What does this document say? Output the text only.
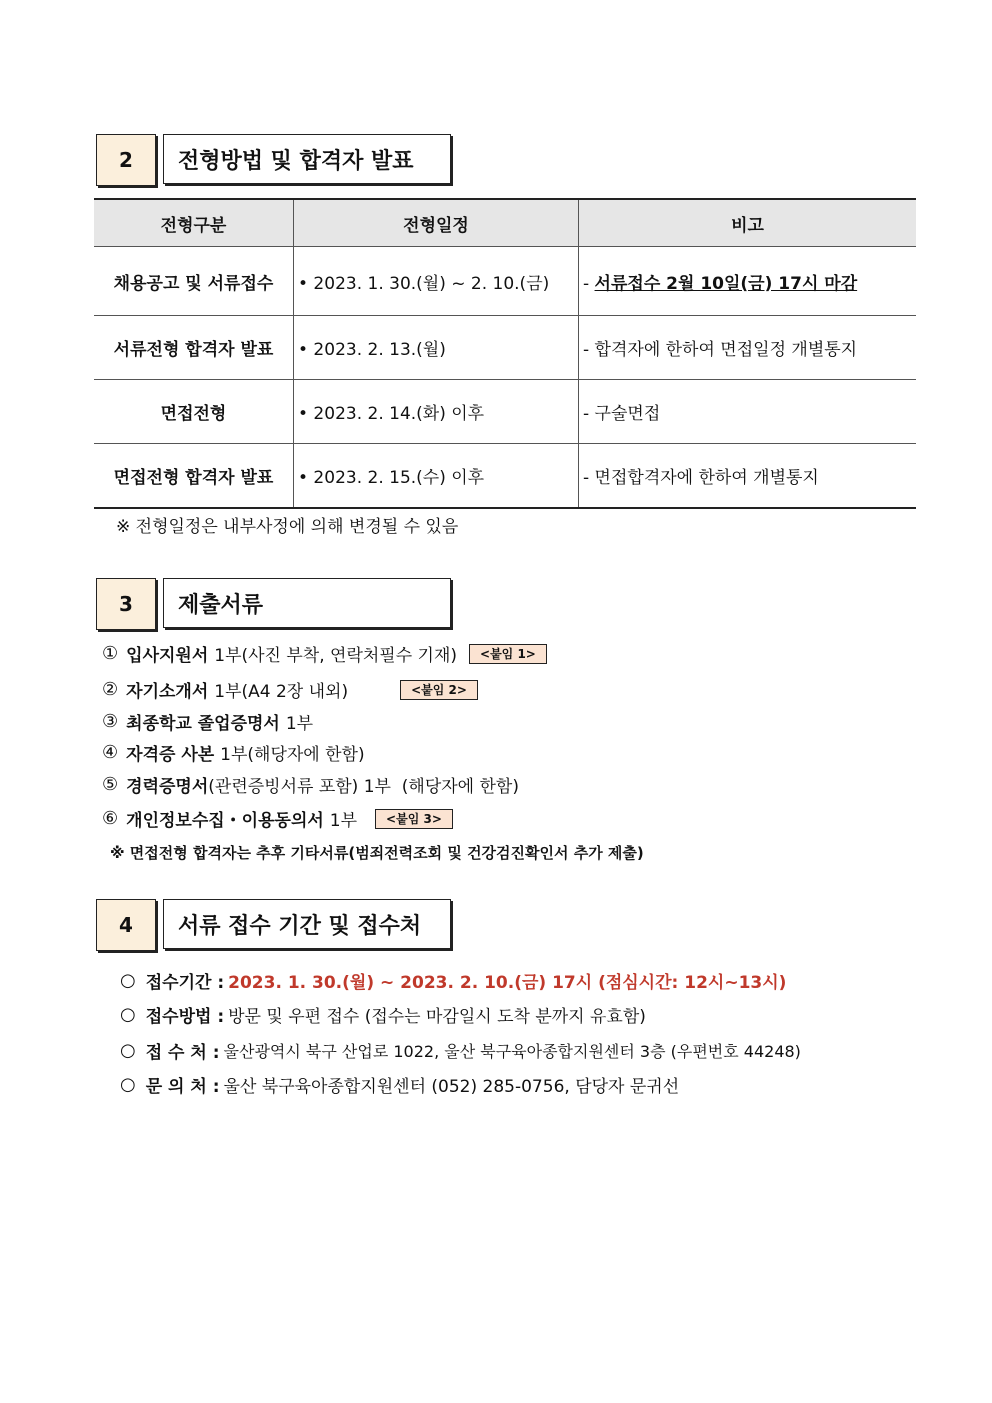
2	전형방법 및 합격자 발표
전형구분	전형일정	비고
채용공고 및 서류접수	• 2023. 1. 30.(월) ~ 2. 10.(금)	- 서류접수 2월 10일(금) 17시 마감
서류전형 합격자 발표	• 2023. 2. 13.(월)	- 합격자에 한하여 면접일정 개별통지
면접전형	• 2023. 2. 14.(화) 이후	- 구술면접
면접전형 합격자 발표	• 2023. 2. 15.(수) 이후	- 면접합격자에 한하여 개별통지
※ 전형일정은 내부사정에 의해 변경될 수 있음
3	제출서류
① 입사지원서 1부(사진 부착, 연락처필수 기재)	<붙임 1>
② 자기소개서 1부(A4 2장 내외)	<붙임 2>
③ 최종학교 졸업증명서 1부
④ 자격증 사본 1부(해당자에 한함)
⑤ 경력증명서 (관련증빙서류 포함) 1부  (해당자에 한함)
⑥ 개인정보수집・이용동의서 1부	<붙임 3>
※ 면접전형 합격자는 추후 기타서류(범죄전력조회 및 건강검진확인서 추가 제출)
4	서류 접수 기간 및 접수처
○ 접수기간 : 2023. 1. 30.(월) ~ 2023. 2. 10.(금) 17시 (점심시간: 12시~13시)
○ 접수방법 : 방문 및 우편 접수 (접수는 마감일시 도착 분까지 유효함)
○ 접 수 처 : 울산광역시 북구 산업로 1022, 울산 북구육아종합지원센터 3층 (우편번호 44248)
○ 문 의 처 : 울산 북구육아종합지원센터 (052) 285-0756, 담당자 문귀선
